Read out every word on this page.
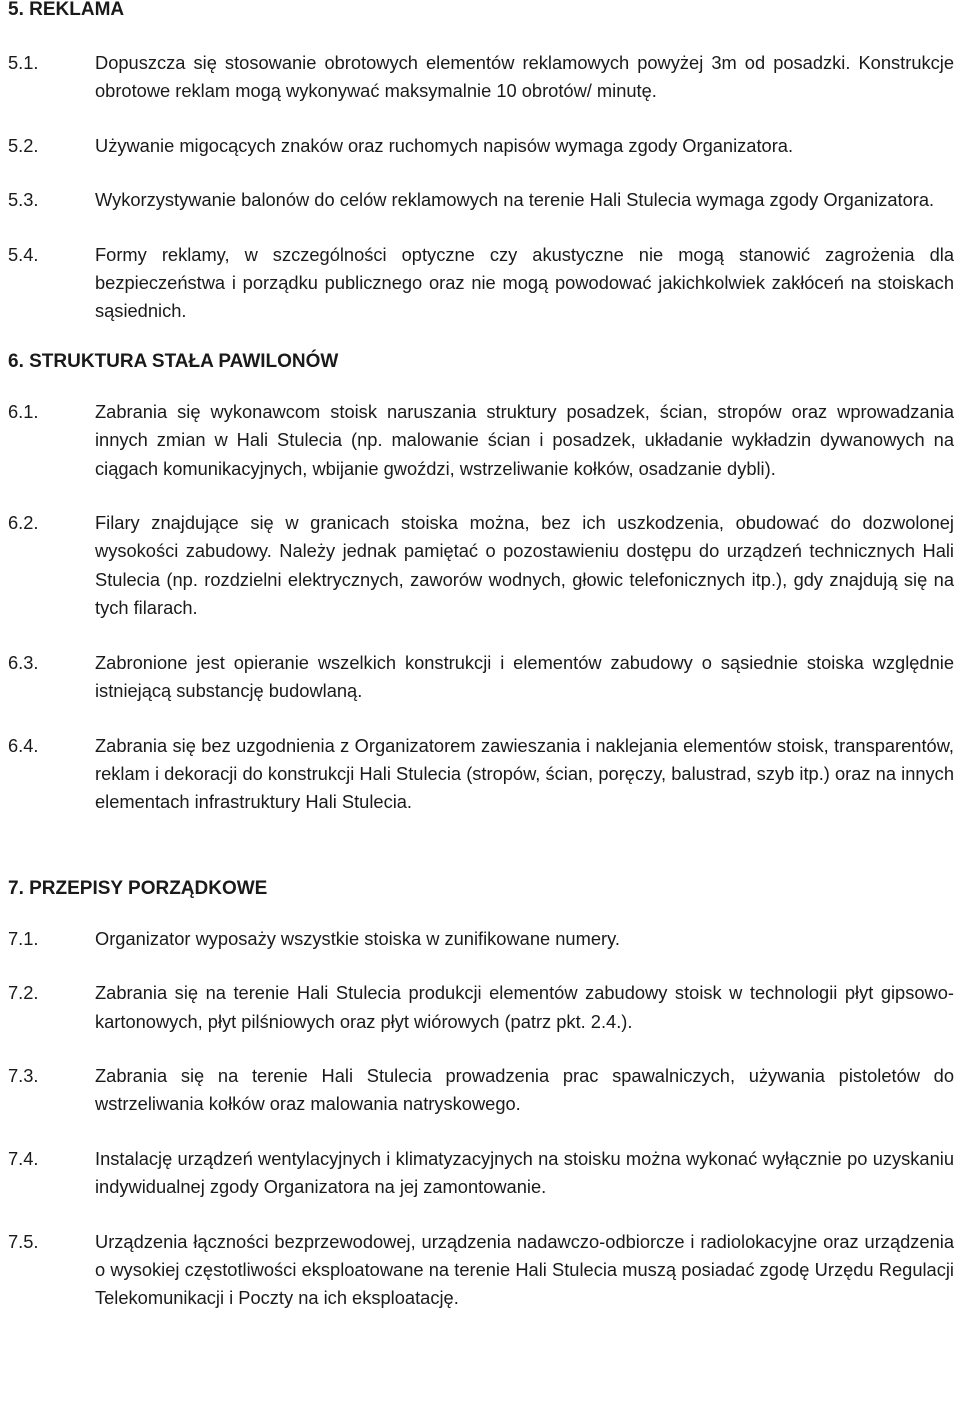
5. REKLAMA
5.1.	Dopuszcza się stosowanie obrotowych elementów reklamowych powyżej 3m od posadzki. Konstrukcje obrotowe reklam mogą wykonywać maksymalnie 10 obrotów/ minutę.
5.2.	Używanie migocących znaków oraz ruchomych napisów wymaga zgody Organizatora.
5.3.	Wykorzystywanie balonów do celów reklamowych na terenie Hali Stulecia wymaga zgody Organizatora.
5.4.	Formy reklamy, w szczególności optyczne czy akustyczne nie mogą stanowić zagrożenia dla bezpieczeństwa i porządku publicznego oraz nie mogą powodować jakichkolwiek zakłóceń na stoiskach sąsiednich.
6. STRUKTURA STAŁA PAWILONÓW
6.1.	Zabrania się wykonawcom stoisk naruszania struktury posadzek, ścian, stropów oraz wprowadzania innych zmian w Hali Stulecia (np. malowanie ścian i posadzek, układanie wykładzin dywanowych na ciągach komunikacyjnych, wbijanie gwoździ, wstrzeliwanie kołków, osadzanie dybli).
6.2.	Filary znajdujące się w granicach stoiska można, bez ich uszkodzenia, obudować do dozwolonej wysokości zabudowy. Należy jednak pamiętać o pozostawieniu dostępu do urządzeń technicznych Hali Stulecia (np. rozdzielni elektrycznych, zaworów wodnych, głowic telefonicznych itp.), gdy znajdują się na tych filarach.
6.3.	Zabronione jest opieranie wszelkich konstrukcji i elementów zabudowy o sąsiednie stoiska względnie istniejącą substancję budowlaną.
6.4.	Zabrania się bez uzgodnienia z Organizatorem zawieszania i naklejania elementów stoisk, transparentów, reklam i dekoracji do konstrukcji Hali Stulecia (stropów, ścian, poręczy, balustrad, szyb itp.) oraz na innych elementach infrastruktury Hali Stulecia.
7. PRZEPISY PORZĄDKOWE
7.1.	Organizator wyposaży wszystkie stoiska w zunifikowane numery.
7.2.	Zabrania się na terenie Hali Stulecia produkcji elementów zabudowy stoisk w technologii płyt gipsowo-kartonowych, płyt pilśniowych oraz płyt wiórowych (patrz pkt. 2.4.).
7.3.	Zabrania się na terenie Hali Stulecia prowadzenia prac spawalniczych, używania pistoletów do wstrzeliwania kołków oraz malowania natryskowego.
7.4.	Instalację urządzeń wentylacyjnych i klimatyzacyjnych na stoisku można wykonać wyłącznie po uzyskaniu indywidualnej zgody Organizatora na jej zamontowanie.
7.5.	Urządzenia łączności bezprzewodowej, urządzenia nadawczo-odbiorcze i radiolokacyjne oraz urządzenia o wysokiej częstotliwości eksploatowane na terenie Hali Stulecia muszą posiadać zgodę Urzędu Regulacji Telekomunikacji i Poczty na ich eksploatację.
